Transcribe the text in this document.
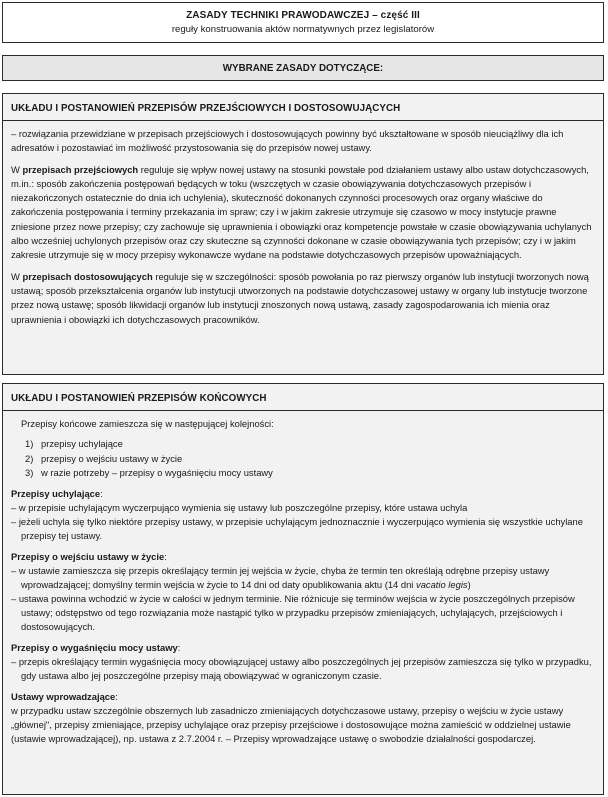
ZASADY TECHNIKI PRAWODAWCZEJ – część III
reguły konstruowania aktów normatywnych przez legislatorów
WYBRANE ZASADY DOTYCZĄCE:
UKŁADU I POSTANOWIEŃ PRZEPISÓW PRZEJŚCIOWYCH I DOSTOSOWUJĄCYCH

– rozwiązania przewidziane w przepisach przejściowych i dostosowujących powinny być ukształtowane w sposób nieuciążliwy dla ich adresatów i pozostawiać im możliwość przystosowania się do przepisów nowej ustawy.

W przepisach przejściowych reguluje się wpływ nowej ustawy na stosunki powstałe pod działaniem ustawy albo ustaw dotychczasowych, m.in.: sposób zakończenia postępowań będących w toku (wszczętych w czasie obowiązywania dotychczasowych przepisów i niezakończonych ostatecznie do dnia ich uchylenia), skuteczność dokonanych czynności procesowych oraz organy właściwe do zakończenia postępowania i terminy przekazania im spraw; czy i w jakim zakresie utrzymuje się czasowo w mocy instytucje prawne zniesione przez nowe przepisy; czy zachowuje się uprawnienia i obowiązki oraz kompetencje powstałe w czasie obowiązywania uchylanych albo wcześniej uchylonych przepisów oraz czy skuteczne są czynności dokonane w czasie obowiązywania tych przepisów; czy i w jakim zakresie utrzymuje się w mocy przepisy wykonawcze wydane na podstawie dotychczasowych przepisów upoważniających.

W przepisach dostosowujących reguluje się w szczególności: sposób powołania po raz pierwszy organów lub instytucji tworzonych nową ustawą; sposób przekształcenia organów lub instytucji utworzonych na podstawie dotychczasowej ustawy w organy lub instytucje tworzone przez nową ustawę; sposób likwidacji organów lub instytucji znoszonych nową ustawą, zasady zagospodarowania ich mienia oraz uprawnienia i obowiązki ich dotychczasowych pracowników.

UKŁADU I POSTANOWIEŃ PRZEPISÓW KOŃCOWYCH

Przepisy końcowe zamieszcza się w następującej kolejności:

1) przepisy uchylające
2) przepisy o wejściu ustawy w życie
3) w razie potrzeby – przepisy o wygaśnięciu mocy ustawy
Przepisy uchylające:
– w przepisie uchylającym wyczerpująco wymienia się ustawy lub poszczególne przepisy, które ustawa uchyla
– jeżeli uchyla się tylko niektóre przepisy ustawy, w przepisie uchylającym jednoznacznie i wyczerpująco wymienia się wszystkie uchylane przepisy tej ustawy.
Przepisy o wejściu ustawy w życie:
– w ustawie zamieszcza się przepis określający termin jej wejścia w życie, chyba że termin ten określają odrębne przepisy ustawy wprowadzającej; domyślny termin wejścia w życie to 14 dni od daty opublikowania aktu (14 dni vacatio legis)
– ustawa powinna wchodzić w życie w całości w jednym terminie. Nie różnicuje się terminów wejścia w życie poszczególnych przepisów ustawy; odstępstwo od tego rozwiązania może nastąpić tylko w przypadku przepisów zmieniających, uchylających, przejściowych i dostosowujących.
Przepisy o wygaśnięciu mocy ustawy:
– przepis określający termin wygaśnięcia mocy obowiązującej ustawy albo poszczególnych jej przepisów zamieszcza się tylko w przypadku, gdy ustawa albo jej poszczególne przepisy mają obowiązywać w ograniczonym czasie.
Ustawy wprowadzające:
w przypadku ustaw szczególnie obszernych lub zasadniczo zmieniających dotychczasowe ustawy, przepisy o wejściu w życie ustawy „głównej", przepisy zmieniające, przepisy uchylające oraz przepisy przejściowe i dostosowujące można zamieścić w oddzielnej ustawie (ustawie wprowadzającej), np. ustawa z 2.7.2004 r. – Przepisy wprowadzające ustawę o swobodzie działalności gospodarczej.
